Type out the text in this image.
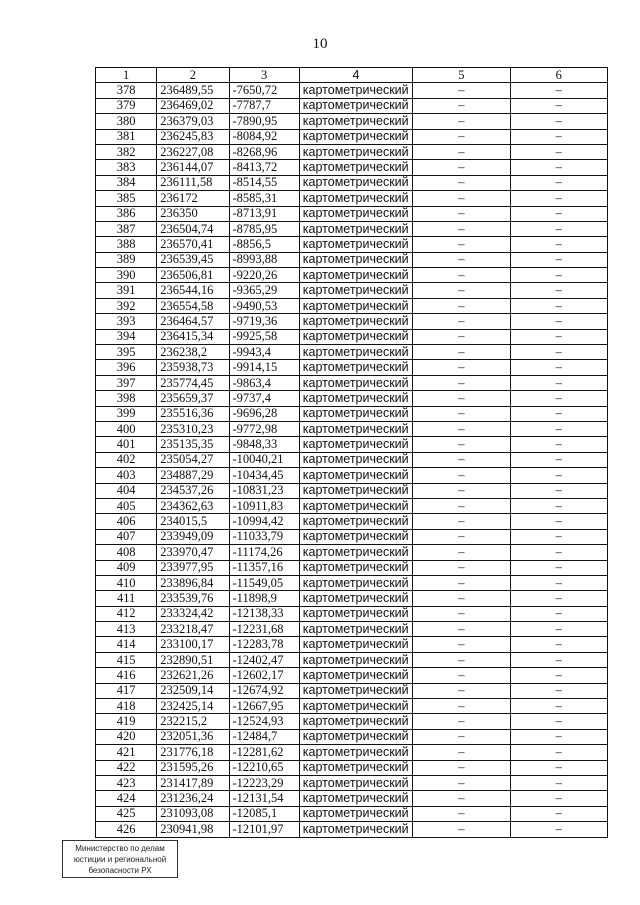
10
1	2	3	4	5	6
378	236489,55	-7650,72	картометрический	–	–
379	236469,02	-7787,7	картометрический	–	–
380	236379,03	-7890,95	картометрический	–	–
381	236245,83	-8084,92	картометрический	–	–
382	236227,08	-8268,96	картометрический	–	–
383	236144,07	-8413,72	картометрический	–	–
384	236111,58	-8514,55	картометрический	–	–
385	236172	-8585,31	картометрический	–	–
386	236350	-8713,91	картометрический	–	–
387	236504,74	-8785,95	картометрический	–	–
388	236570,41	-8856,5	картометрический	–	–
389	236539,45	-8993,88	картометрический	–	–
390	236506,81	-9220,26	картометрический	–	–
391	236544,16	-9365,29	картометрический	–	–
392	236554,58	-9490,53	картометрический	–	–
393	236464,57	-9719,36	картометрический	–	–
394	236415,34	-9925,58	картометрический	–	–
395	236238,2	-9943,4	картометрический	–	–
396	235938,73	-9914,15	картометрический	–	–
397	235774,45	-9863,4	картометрический	–	–
398	235659,37	-9737,4	картометрический	–	–
399	235516,36	-9696,28	картометрический	–	–
400	235310,23	-9772,98	картометрический	–	–
401	235135,35	-9848,33	картометрический	–	–
402	235054,27	-10040,21	картометрический	–	–
403	234887,29	-10434,45	картометрический	–	–
404	234537,26	-10831,23	картометрический	–	–
405	234362,63	-10911,83	картометрический	–	–
406	234015,5	-10994,42	картометрический	–	–
407	233949,09	-11033,79	картометрический	–	–
408	233970,47	-11174,26	картометрический	–	–
409	233977,95	-11357,16	картометрический	–	–
410	233896,84	-11549,05	картометрический	–	–
411	233539,76	-11898,9	картометрический	–	–
412	233324,42	-12138,33	картометрический	–	–
413	233218,47	-12231,68	картометрический	–	–
414	233100,17	-12283,78	картометрический	–	–
415	232890,51	-12402,47	картометрический	–	–
416	232621,26	-12602,17	картометрический	–	–
417	232509,14	-12674,92	картометрический	–	–
418	232425,14	-12667,95	картометрический	–	–
419	232215,2	-12524,93	картометрический	–	–
420	232051,36	-12484,7	картометрический	–	–
421	231776,18	-12281,62	картометрический	–	–
422	231595,26	-12210,65	картометрический	–	–
423	231417,89	-12223,29	картометрический	–	–
424	231236,24	-12131,54	картометрический	–	–
425	231093,08	-12085,1	картометрический	–	–
426	230941,98	-12101,97	картометрический	–	–
Министерство по делам
юстиции и региональной
безопасности РХ
